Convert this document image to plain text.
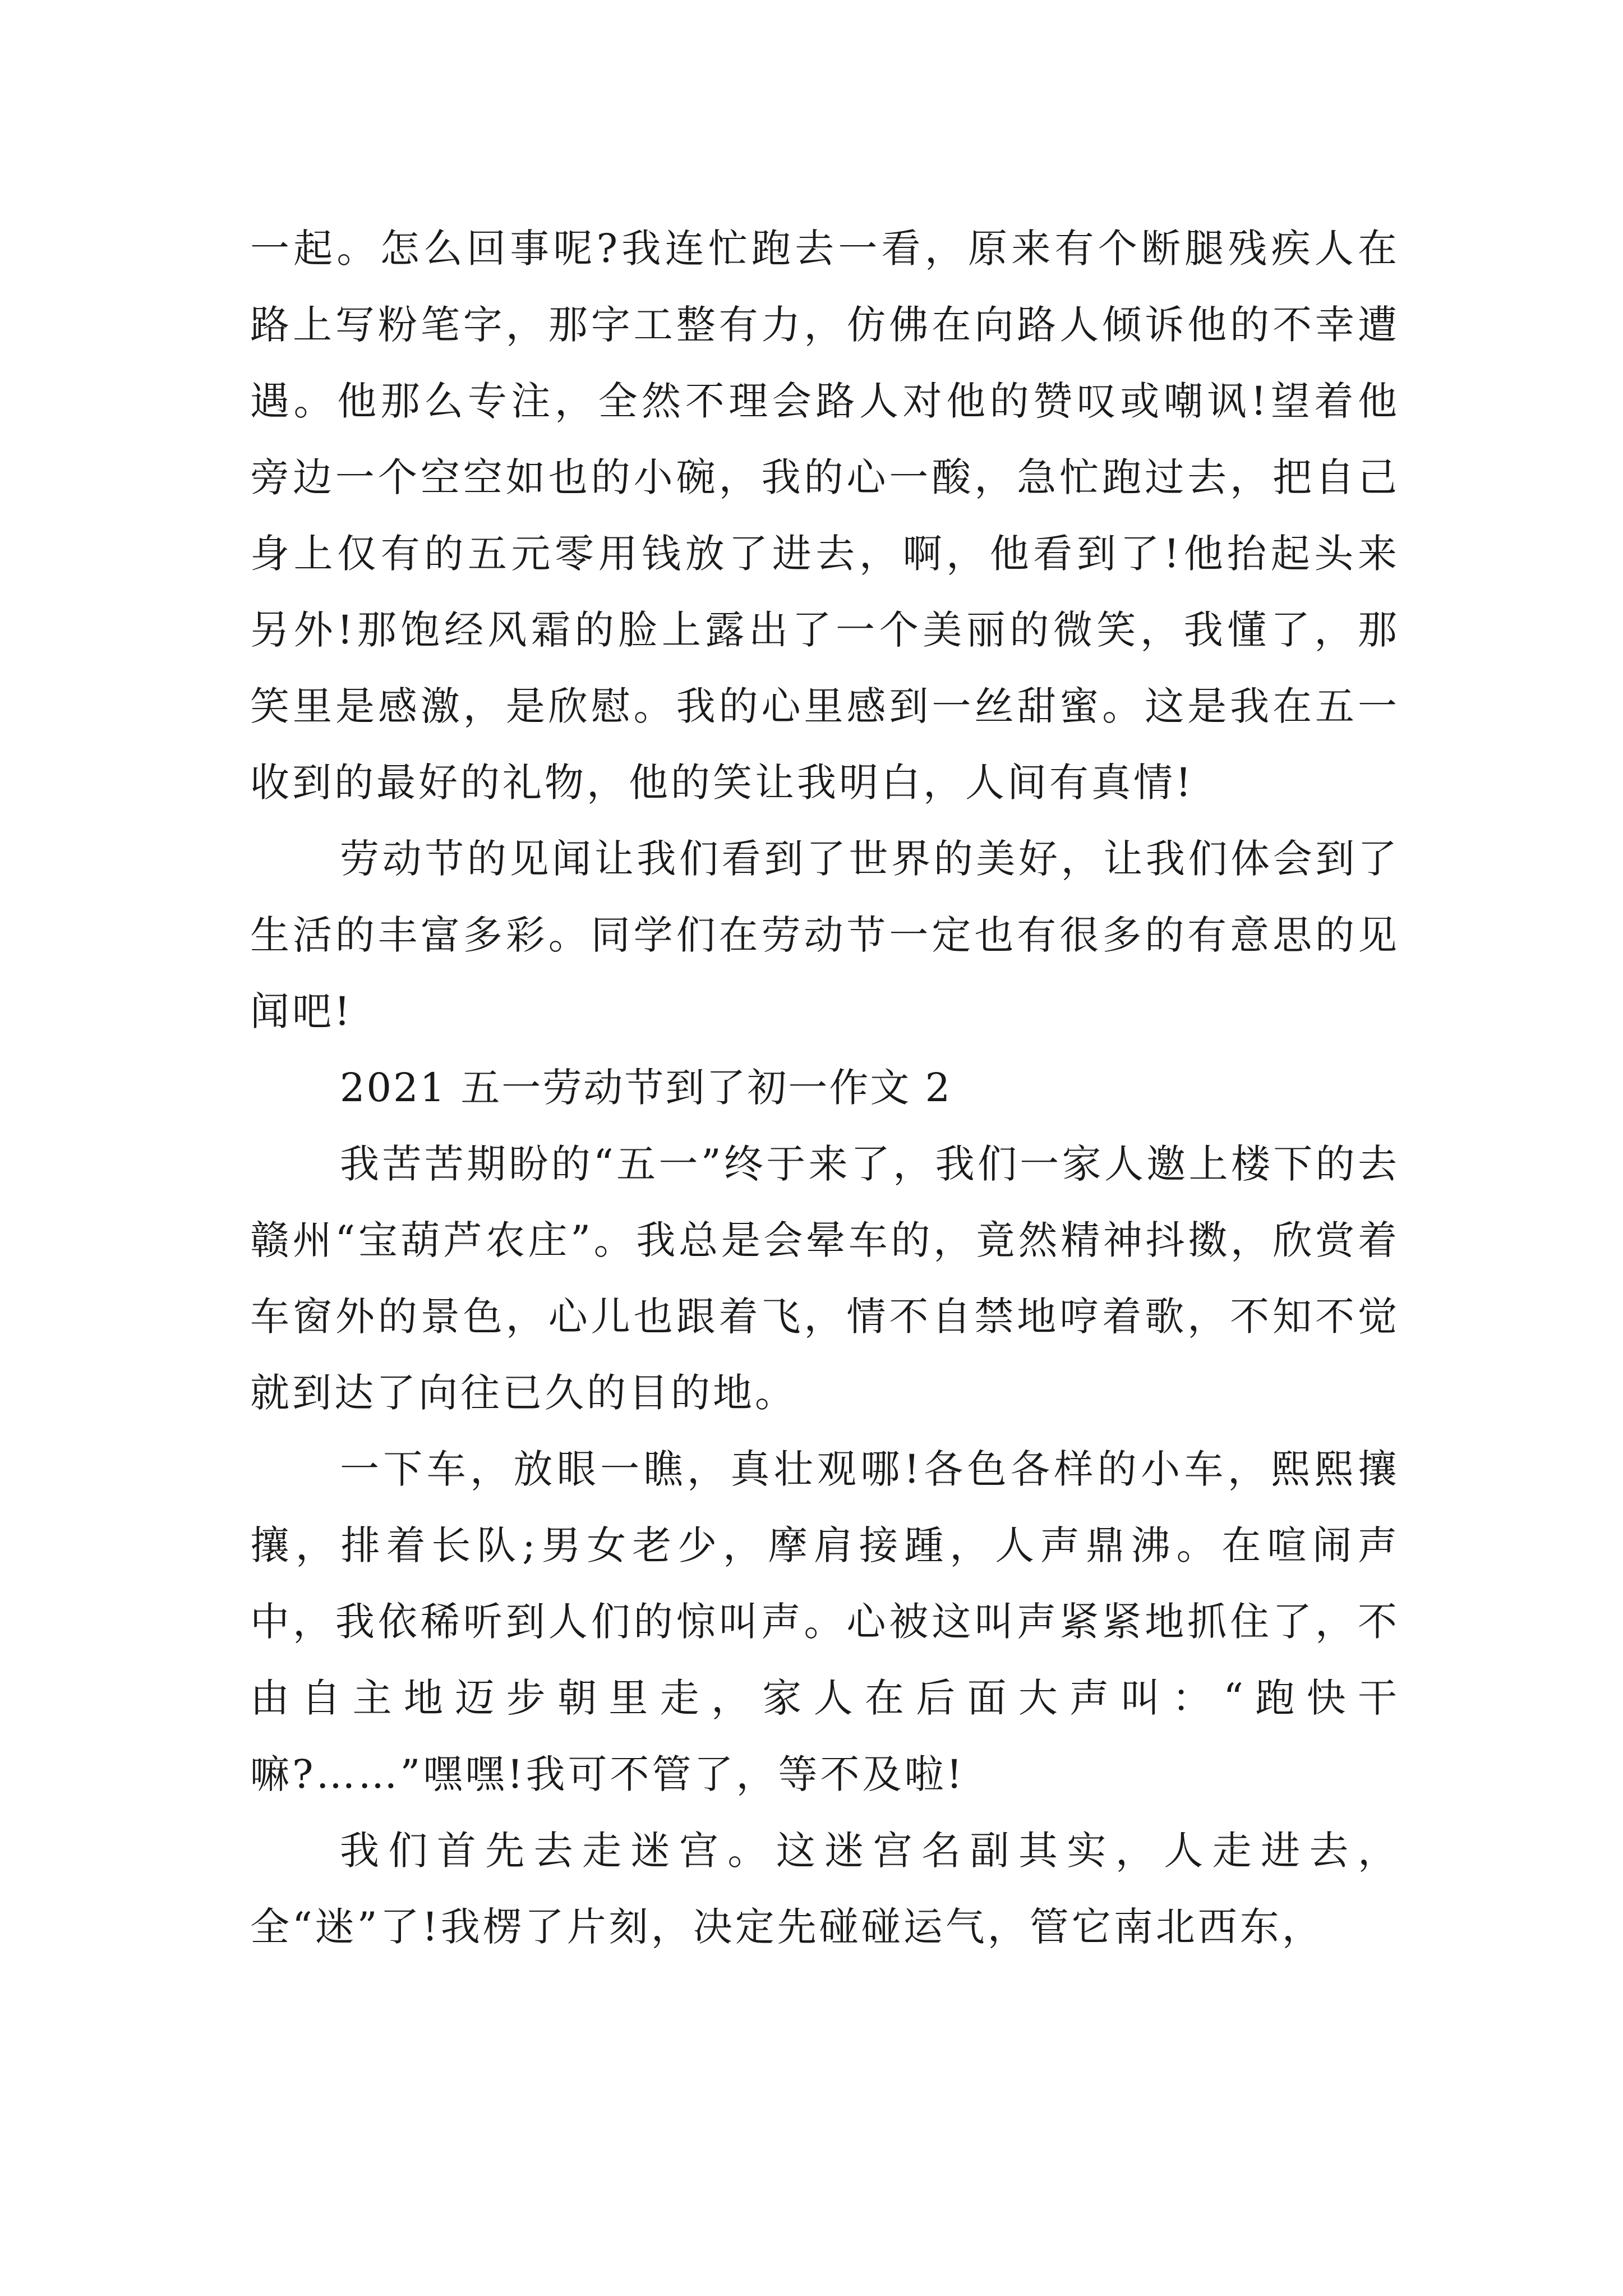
一起。怎么回事呢?我连忙跑去一看，原来有个断腿残疾人在路上写粉笔字，那字工整有力，仿佛在向路人倾诉他的不幸遭遇。他那么专注，全然不理会路人对他的赞叹或嘲讽!望着他旁边一个空空如也的小碗，我的心一酸，急忙跑过去，把自己身上仅有的五元零用钱放了进去，啊，他看到了!他抬起头来另外!那饱经风霜的脸上露出了一个美丽的微笑，我懂了，那笑里是感激，是欣慰。我的心里感到一丝甜蜜。这是我在五一收到的最好的礼物，他的笑让我明白，人间有真情!

劳动节的见闻让我们看到了世界的美好，让我们体会到了生活的丰富多彩。同学们在劳动节一定也有很多的有意思的见闻吧!

2021 五一劳动节到了初一作文 2

我苦苦期盼的“五一”终于来了，我们一家人邀上楼下的去赣州“宝葫芦农庄”。我总是会晕车的，竟然精神抖擞，欣赏着车窗外的景色，心儿也跟着飞，情不自禁地哼着歌，不知不觉就到达了向往已久的目的地。

一下车，放眼一瞧，真壮观哪!各色各样的小车，熙熙攘攘，排着长队;男女老少，摩肩接踵，人声鼎沸。在喧闹声中，我依稀听到人们的惊叫声。心被这叫声紧紧地抓住了，不由自主地迈步朝里走，家人在后面大声叫：“跑快干嘛?……”嘿嘿!我可不管了，等不及啦!

我们首先去走迷宫。这迷宫名副其实，人走进去，全“迷”了!我楞了片刻，决定先碰碰运气，管它南北西东，
